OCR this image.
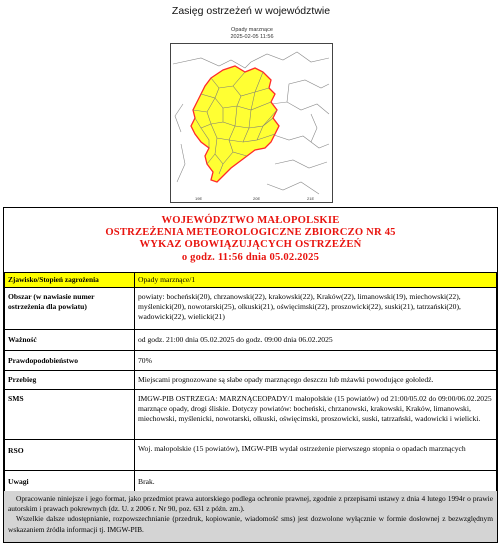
Zasięg ostrzeżeń w województwie
Opady marznące
2025-02-05 11:56
19E	20E	21E
WOJEWÓDZTWO MAŁOPOLSKIE
OSTRZEŻENIA METEOROLOGICZNE ZBIORCZO NR 45
WYKAZ OBOWIĄZUJĄCYCH OSTRZEŻEŃ
o godz. 11:56 dnia 05.02.2025
Zjawisko/Stopień zagrożenia	Opady marznące/1
Obszar (w nawiasie numer ostrzeżenia dla powiatu)	powiaty: bocheński(20), chrzanowski(22), krakowski(22), Kraków(22), limanowski(19), miechowski(22), myślenicki(20), nowotarski(25), olkuski(21), oświęcimski(22), proszowicki(22), suski(21), tatrzański(20), wadowicki(22), wielicki(21)
Ważność	od godz. 21:00 dnia 05.02.2025 do godz. 09:00 dnia 06.02.2025
Prawdopodobieństwo	70%
Przebieg	Miejscami prognozowane są słabe opady marznącego deszczu lub mżawki powodujące gołoledź.
SMS	IMGW-PIB OSTRZEGA: MARZNĄCEOPADY/1 małopolskie (15 powiatów) od 21:00/05.02 do 09:00/06.02.2025 marznące opady, drogi śliskie. Dotyczy powiatów: bocheński, chrzanowski, krakowski, Kraków, limanowski, miechowski, myślenicki, nowotarski, olkuski, oświęcimski, proszowicki, suski, tatrzański, wadowicki i wielicki.
RSO	Woj. małopolskie (15 powiatów), IMGW-PIB wydał ostrzeżenie pierwszego stopnia o opadach marznących
Uwagi	Brak.

Opracowanie niniejsze i jego format, jako przedmiot prawa autorskiego podlega ochronie prawnej, zgodnie z przepisami ustawy z dnia 4 lutego 1994r o prawie autorskim i prawach pokrewnych (dz. U. z 2006 r. Nr 90, poz. 631 z późn. zm.).

Wszelkie dalsze udostępnianie, rozpowszechnianie (przedruk, kopiowanie, wiadomość sms) jest dozwolone wyłącznie w formie dosłownej z bezwzględnym wskazaniem źródła informacji tj. IMGW-PIB.
